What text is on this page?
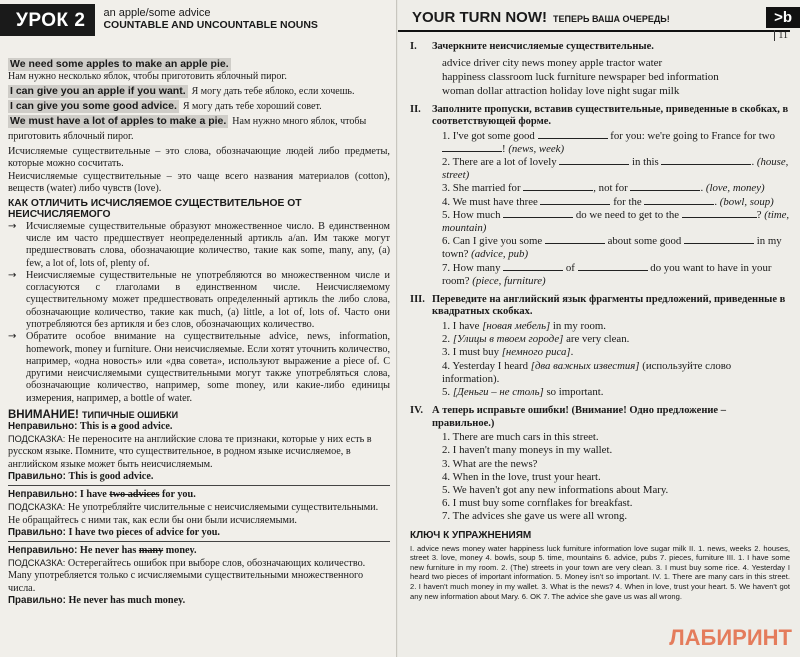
УРОК 2	an apple/some advice
COUNTABLE AND UNCOUNTABLE NOUNS
We need some apples to make an apple pie.
Нам нужно несколько яблок, чтобы приготовить яблочный пирог.
I can give you an apple if you want. Я могу дать тебе яблоко, если хочешь.
I can give you some good advice. Я могу дать тебе хороший совет.
We must have a lot of apples to make a pie. Нам нужно много яблок, чтобы приготовить яблочный пирог.

Исчисляемые существительные – это слова, обозначающие людей либо предметы, которые можно сосчитать.

Неисчисляемые существительные – это чаще всего названия материалов (cotton), веществ (water) либо чувств (love).

КАК ОТЛИЧИТЬ ИСЧИСЛЯЕМОЕ СУЩЕСТВИТЕЛЬНОЕ ОТ НЕИСЧИСЛЯЕМОГО
→ Исчисляемые существительные образуют множественное число. В единственном числе им часто предшествует неопределенный артикль a/an. Им также могут предшествовать слова, обозначающие количество, такие как some, many, any, (a) few, a lot of, lots of, plenty of.
→ Неисчисляемые существительные не употребляются во множественном числе и согласуются с глаголами в единственном числе. Неисчисляемому существительному может предшествовать определенный артикль the либо слова, обозначающие количество, такие как much, (a) little, a lot of, lots of. Часто они употребляются без артикля и без слов, обозначающих количество.
→ Обратите особое внимание на существительные advice, news, information, homework, money и furniture. Они неисчисляемые. Если хотят уточнить количество, например, «одна новость» или «два совета», используют выражение a piece of. С другими неисчисляемыми существительными могут также употребляться слова, обозначающие количество, например, some money, или какие-либо единицы измерения, например, a bottle of water.
ВНИМАНИЕ! ТИПИЧНЫЕ ОШИБКИ
Неправильно: This is a good advice.
ПОДСКАЗКА: Не переносите на английские слова те признаки, которые у них есть в русском языке. Помните, что существительное, в родном языке исчисляемое, в английском языке может быть неисчисляемым.
Правильно: This is good advice.
Неправильно: I have two advices for you.
ПОДСКАЗКА: Не употребляйте числительные с неисчисляемыми существительными. Не обращайтесь с ними так, как если бы они были исчисляемыми.
Правильно: I have two pieces of advice for you.
Неправильно: He never has many money.
ПОДСКАЗКА: Остерегайтесь ошибок при выборе слов, обозначающих количество. Many употребляется только с исчисляемыми существительными множественного числа.
Правильно: He never has much money.
YOUR TURN NOW! ТЕПЕРЬ ВАША ОЧЕРЕДЬ!	>b
11
I.	Зачеркните неисчисляемые существительные.
advice driver city news money apple tractor water
happiness classroom luck furniture newspaper bed information
woman dollar attraction holiday love night sugar milk
II.	Заполните пропуски, вставив существительные, приведенные в скобках, в соответствующей форме.
1. I've got some good	for you: we're going to France for two ! (news, week)
2. There are a lot of lovely	in this	. (house, street)
3. She married for	, not for	. (love, money)
4. We must have three	for the	. (bowl, soup)
5. How much	do we need to get to the	? (time, mountain)
6. Can I give you some	about some good	in my town? (advice, pub)
7. How many	of	do you want to have in your room? (piece, furniture)
III. Переведите на английский язык фрагменты предложений, приведенные в квадратных скобках.
1. I have [новая мебель] in my room.
2. [Улицы в твоем городе] are very clean.
3. I must buy [немного риса].
4. Yesterday I heard [два важных известия] (используйте слово information).
5. [Деньги – не столь] so important.
IV. А теперь исправьте ошибки! (Внимание! Одно предложение – правильное.)
1. There are much cars in this street.
2. I haven't many moneys in my wallet.
3. What are the news?
4. When in the love, trust your heart.
5. We haven't got any new informations about Mary.
6. I must buy some cornflakes for breakfast.
7. The advices she gave us were all wrong.
КЛЮЧ К УПРАЖНЕНИЯМ
I. advice news money water happiness luck furniture information love sugar milk II. 1. news, weeks 2. houses, street 3. love, money 4. bowls, soup 5. time, mountains 6. advice, pubs 7. pieces, furniture III. 1. I have some new furniture in my room. 2. (The) streets in your town are very clean. 3. I must buy some rice. 4. Yesterday I heard two pieces of important information. 5. Money isn't so important. IV. 1. There are many cars in this street. 2. I haven't much money in my wallet. 3. What is the news? 4. When in love, trust your heart. 5. We haven't got any new information about Mary. 6. OK 7. The advice she gave us was all wrong.
ЛАБИРИНТ
